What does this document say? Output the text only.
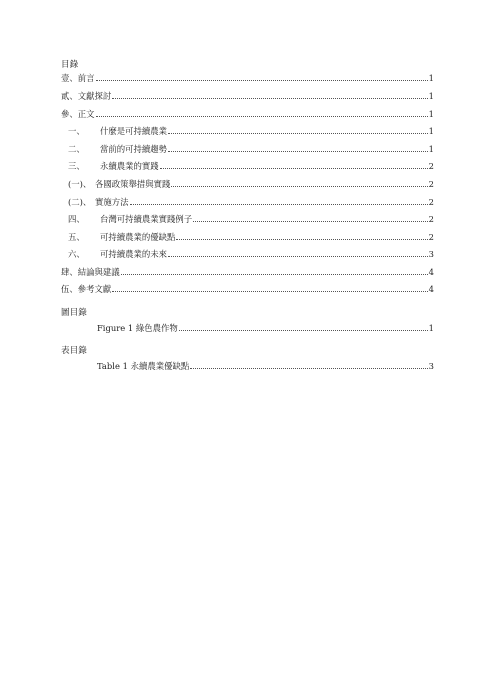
目錄
壹、前言	1
貳、文獻探討	1
參、正文	1
一、	什麼是可持續農業	1
二、	當前的可持續趨勢	1
三、	永續農業的實踐	2
(一)、 各國政策舉措與實踐	2
(二)、 實施方法	2
四、	台灣可持續農業實踐例子	2
五、	可持續農業的優缺點	2
六、	可持續農業的未來	3
肆、結論與建議	4
伍、參考文獻	4
圖目錄
Figure 1 綠色農作物	1
表目錄
Table 1 永續農業優缺點	3
